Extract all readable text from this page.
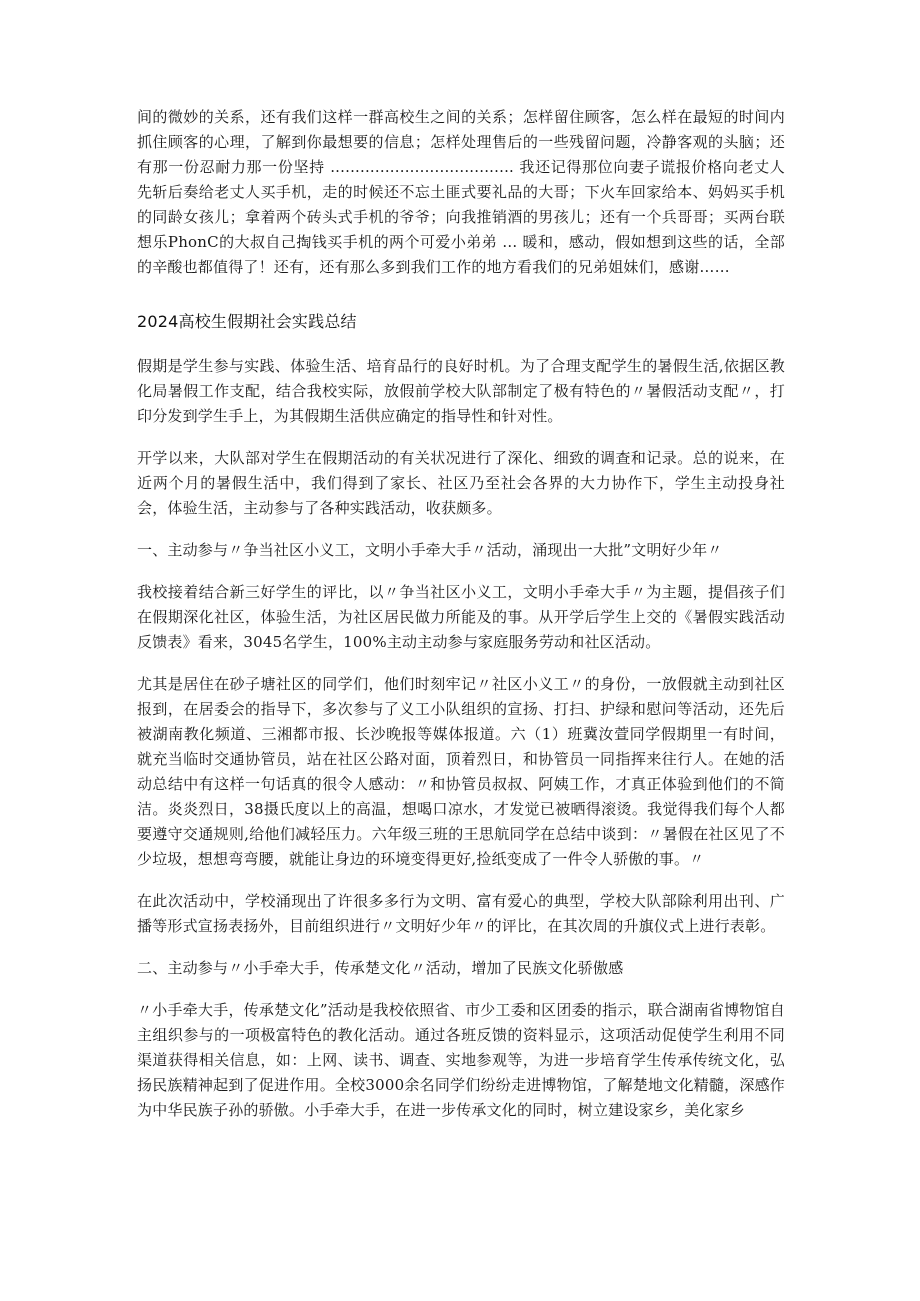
间的微妙的关系，还有我们这样一群高校生之间的关系；怎样留住顾客，怎么样在最短的时间内抓住顾客的心理，了解到你最想要的信息；怎样处理售后的一些残留问题，冷静客观的头脑；还有那一份忍耐力那一份坚持 ..................................... 我还记得那位向妻子谎报价格向老丈人先斩后奏给老丈人买手机，走的时候还不忘土匪式要礼品的大哥；下火车回家给本、妈妈买手机的同龄女孩儿；拿着两个砖头式手机的爷爷；向我推销酒的男孩儿；还有一个兵哥哥；买两台联想乐PhonC的大叔自己掏钱买手机的两个可爱小弟弟 ... 暖和，感动，假如想到这些的话，全部的辛酸也都值得了！还有，还有那么多到我们工作的地方看我们的兄弟姐妹们，感谢……

2024高校生假期社会实践总结

假期是学生参与实践、体验生活、培育品行的良好时机。为了合理支配学生的暑假生活,依据区教化局暑假工作支配，结合我校实际，放假前学校大队部制定了极有特色的〃暑假活动支配〃，打印分发到学生手上，为其假期生活供应确定的指导性和针对性。

开学以来，大队部对学生在假期活动的有关状况进行了深化、细致的调查和记录。总的说来，在近两个月的暑假生活中，我们得到了家长、社区乃至社会各界的大力协作下，学生主动投身社会，体验生活，主动参与了各种实践活动，收获颇多。

一、主动参与〃争当社区小义工，文明小手牵大手〃活动，涌现出一大批”文明好少年〃

我校接着结合新三好学生的评比，以〃争当社区小义工，文明小手牵大手〃为主题，提倡孩子们在假期深化社区，体验生活，为社区居民做力所能及的事。从开学后学生上交的《暑假实践活动反馈表》看来，3045名学生，100%主动主动参与家庭服务劳动和社区活动。

尤其是居住在砂子塘社区的同学们，他们时刻牢记〃社区小义工〃的身份，一放假就主动到社区报到，在居委会的指导下，多次参与了义工小队组织的宣扬、打扫、护绿和慰问等活动，还先后被湖南教化频道、三湘都市报、长沙晚报等媒体报道。六（1）班冀汝萱同学假期里一有时间，就充当临时交通协管员，站在社区公路对面，顶着烈日，和协管员一同指挥来往行人。在她的活动总结中有这样一句话真的很令人感动：〃和协管员叔叔、阿姨工作，才真正体验到他们的不简洁。炎炎烈日，38摄氏度以上的高温，想喝口凉水，才发觉已被晒得滚烫。我觉得我们每个人都要遵守交通规则,给他们减轻压力。六年级三班的王思航同学在总结中谈到：〃暑假在社区见了不少垃圾，想想弯弯腰，就能让身边的环境变得更好,捡纸变成了一件令人骄傲的事。〃

在此次活动中，学校涌现出了许很多多行为文明、富有爱心的典型，学校大队部除利用出刊、广播等形式宣扬表扬外，目前组织进行〃文明好少年〃的评比，在其次周的升旗仪式上进行表彰。

二、主动参与〃小手牵大手，传承楚文化〃活动，增加了民族文化骄傲感

〃小手牵大手，传承楚文化”活动是我校依照省、市少工委和区团委的指示，联合湖南省博物馆自主组织参与的一项极富特色的教化活动。通过各班反馈的资料显示，这项活动促使学生利用不同渠道获得相关信息，如：上网、读书、调查、实地参观等，为进一步培育学生传承传统文化，弘扬民族精神起到了促进作用。全校3000余名同学们纷纷走进博物馆，了解楚地文化精髓，深感作为中华民族子孙的骄傲。小手牵大手，在进一步传承文化的同时，树立建设家乡，美化家乡
